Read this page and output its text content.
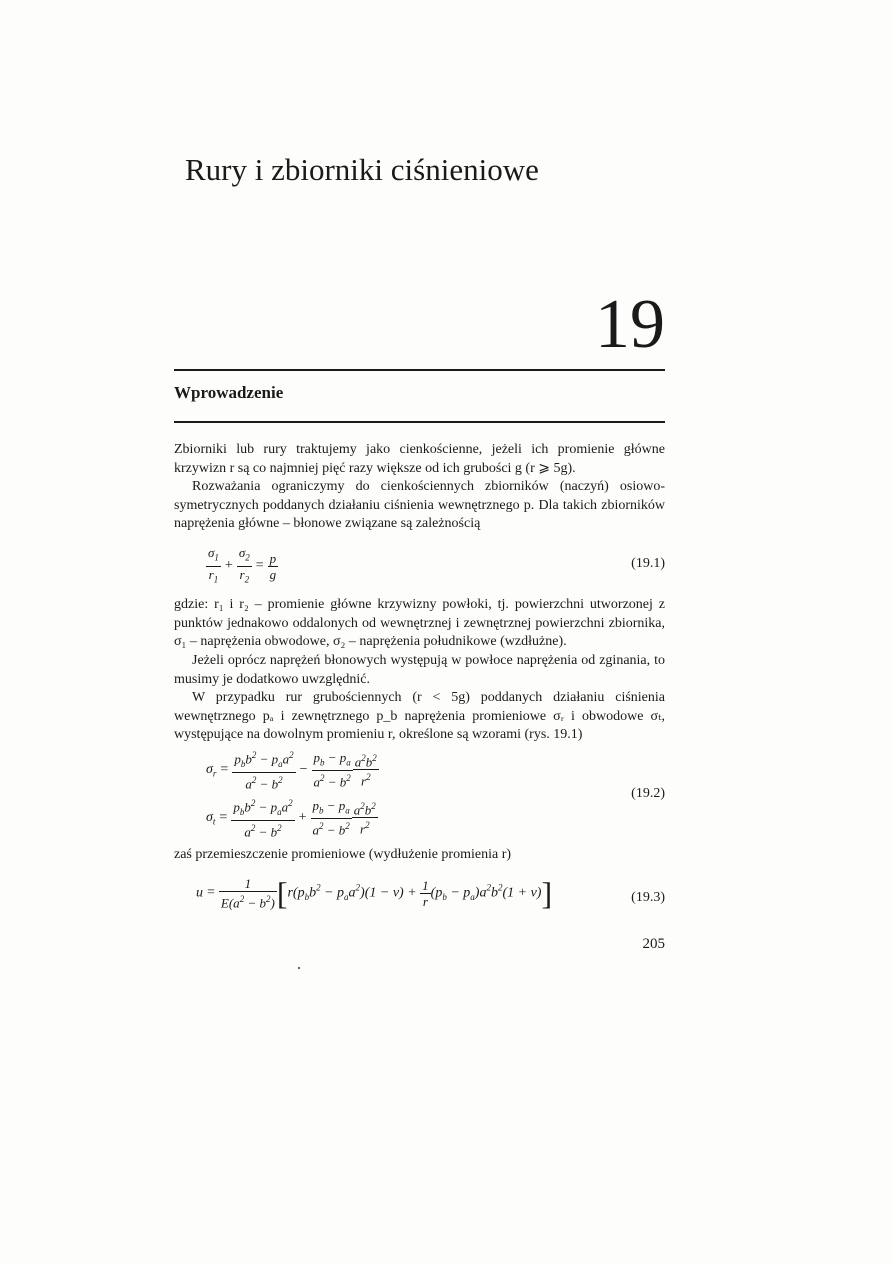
Rury i zbiorniki ciśnieniowe
19
Wprowadzenie
Zbiorniki lub rury traktujemy jako cienkościenne, jeżeli ich promienie główne krzywizn r są co najmniej pięć razy większe od ich grubości g (r ⩾ 5g).
Rozważania ograniczymy do cienkościennych zbiorników (naczyń) osiowo-symetrycznych poddanych działaniu ciśnienia wewnętrznego p. Dla takich zbiorników naprężenia główne – błonowe związane są zależnością
$\frac{\sigma_1}{r_1} + \frac{\sigma_2}{r_2} = \frac{p}{g}$	(19.1)
gdzie: r₁ i r₂ – promienie główne krzywizny powłoki, tj. powierzchni utworzonej z punktów jednakowo oddalonych od wewnętrznej i zewnętrznej powierzchni zbiornika, σ₁ – naprężenia obwodowe, σ₂ – naprężenia południkowe (wzdłużne).
Jeżeli oprócz naprężeń błonowych występują w powłoce naprężenia od zginania, to musimy je dodatkowo uwzględnić.
W przypadku rur grubościennych (r < 5g) poddanych działaniu ciśnienia wewnętrznego pₐ i zewnętrznego p_b naprężenia promieniowe σᵣ i obwodowe σₜ, występujące na dowolnym promieniu r, określone są wzorami (rys. 19.1)
$\sigma_r = \frac{p_bb^2 - p_aa^2}{a^2 - b^2} - \frac{p_b - p_a}{a^2 - b^2} \frac{a^2b^2}{r^2}$
$\sigma_t = \frac{p_bb^2 - p_aa^2}{a^2 - b^2} + \frac{p_b - p_a}{a^2 - b^2} \frac{a^2b^2}{r^2}$
(19.2)
zaś przemieszczenie promieniowe (wydłużenie promienia r)
$u = \frac{1}{E(a^2 - b^2)} [r(p_bb^2 - p_aa^2)(1 - \nu) + \frac{1}{r} (p_b - p_a)a^2b^2(1 + \nu)]$	(19.3)
205
